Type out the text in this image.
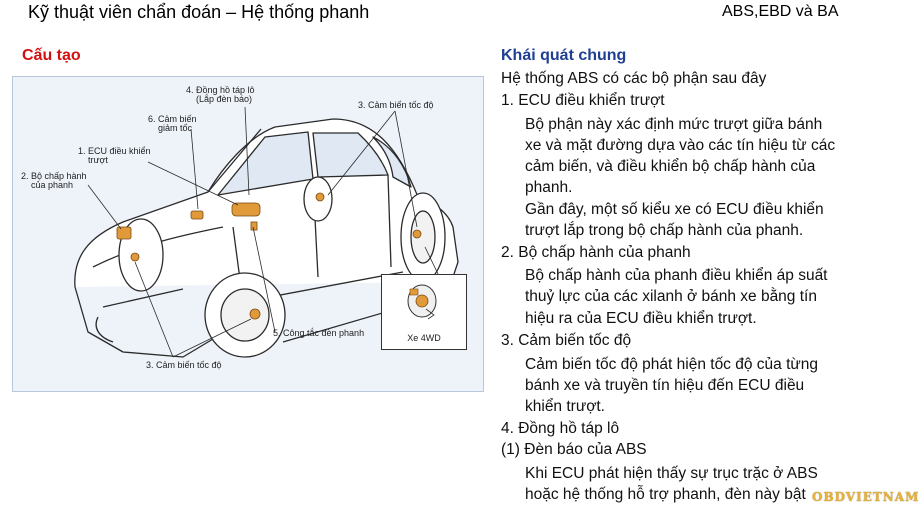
Kỹ thuật viên chẩn đoán – Hệ thống phanh	ABS,EBD và BA
Cấu tạo
4. Đồng hồ táp lô
(Lắp đèn báo)
6. Cảm biến
giảm tốc
3. Cảm biến tốc độ
1. ECU điều khiển
trượt
2. Bộ chấp hành
của phanh
5. Công tắc đèn phanh
3. Cảm biến tốc độ
Xe 4WD
Khái quát chung
Hệ thống ABS có các bộ phận sau đây
1. ECU điều khiển trượt
Bộ phận này xác định mức trượt giữa bánh
xe và mặt đường dựa vào các tín hiệu từ các
cảm biến, và điều khiển bộ chấp hành của
phanh.
Gần đây, một số kiểu xe có ECU điều khiển
trượt lắp trong bộ chấp hành của phanh.
2. Bộ chấp hành của phanh
Bộ chấp hành của phanh điều khiển áp suất
thuỷ lực của các xilanh ở bánh xe bằng tín
hiệu ra của ECU điều khiển trượt.
3. Cảm biến tốc độ
Cảm biến tốc độ phát hiện tốc độ của từng
bánh xe và truyền tín hiệu đến ECU điều
khiển trượt.
4. Đồng hồ táp lô
(1) Đèn báo của ABS
Khi ECU phát hiện thấy sự trục trặc ở ABS
hoặc hệ thống hỗ trợ phanh, đèn này bật OBDVIETNAM
